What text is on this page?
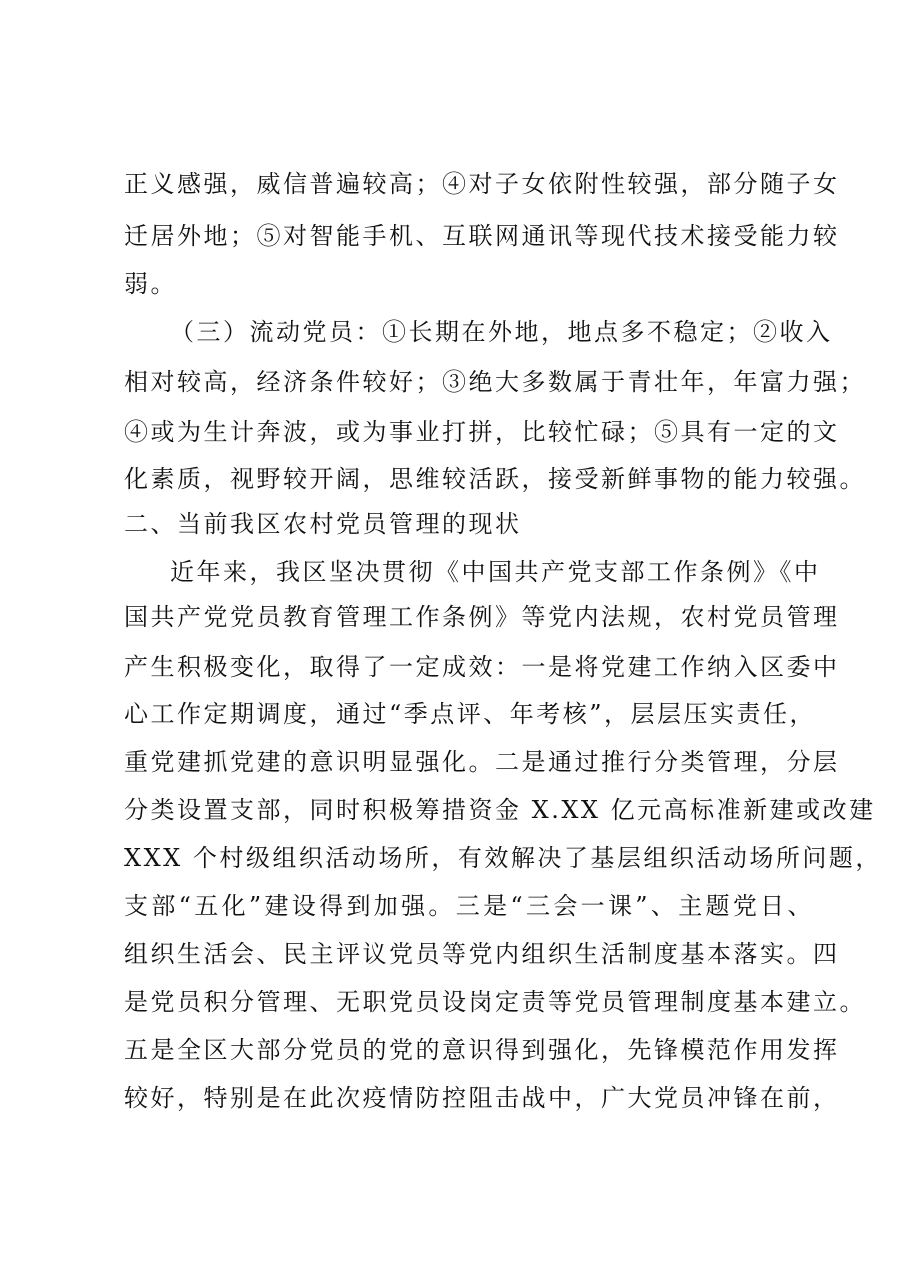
正义感强，威信普遍较高；④对子女依附性较强，部分随子女
迁居外地；⑤对智能手机、互联网通讯等现代技术接受能力较
弱。
（三）流动党员：①长期在外地，地点多不稳定；②收入
相对较高，经济条件较好；③绝大多数属于青壮年，年富力强；
④或为生计奔波，或为事业打拼，比较忙碌；⑤具有一定的文
化素质，视野较开阔，思维较活跃，接受新鲜事物的能力较强。
二、当前我区农村党员管理的现状
近年来，我区坚决贯彻《中国共产党支部工作条例》《中
国共产党党员教育管理工作条例》等党内法规，农村党员管理
产生积极变化，取得了一定成效：一是将党建工作纳入区委中
心工作定期调度，通过“季点评、年考核”，层层压实责任，
重党建抓党建的意识明显强化。二是通过推行分类管理，分层
分类设置支部，同时积极筹措资金 X.XX 亿元高标准新建或改建
XXX 个村级组织活动场所，有效解决了基层组织活动场所问题，
支部“五化”建设得到加强。三是“三会一课”、主题党日、
组织生活会、民主评议党员等党内组织生活制度基本落实。四
是党员积分管理、无职党员设岗定责等党员管理制度基本建立。
五是全区大部分党员的党的意识得到强化，先锋模范作用发挥
较好，特别是在此次疫情防控阻击战中，广大党员冲锋在前，
